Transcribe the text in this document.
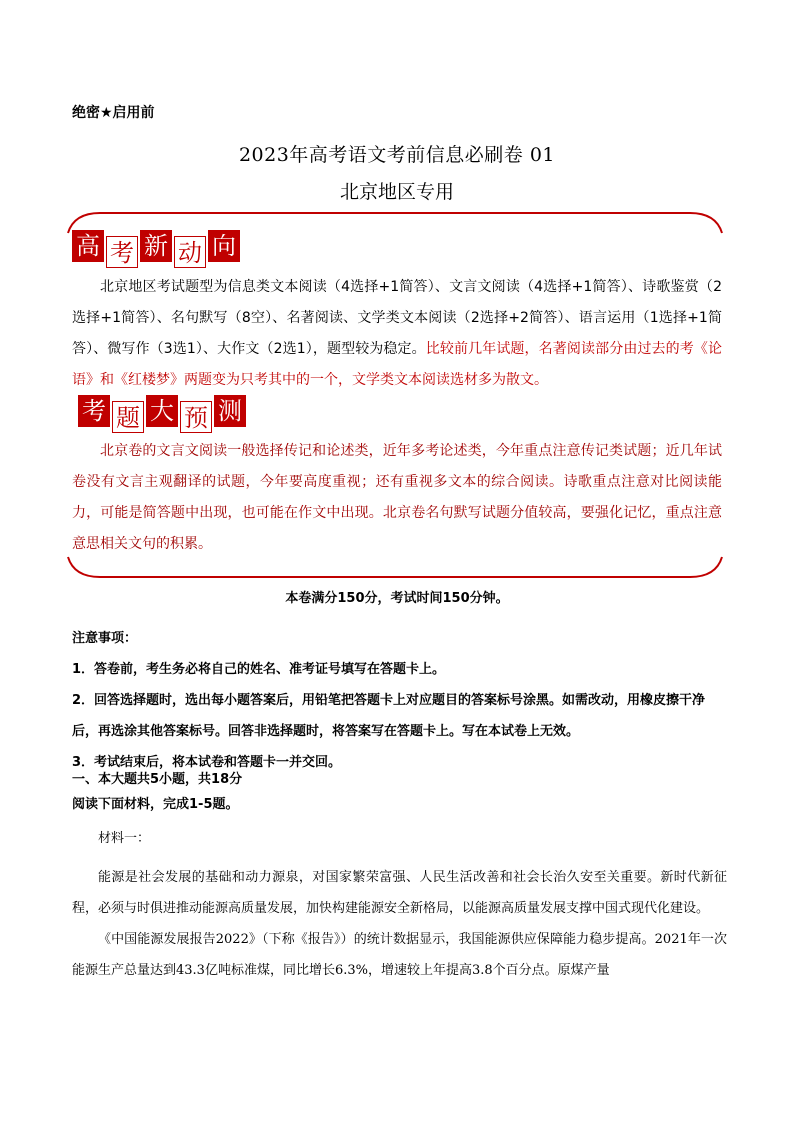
绝密★启用前
2023年高考语文考前信息必刷卷 01
北京地区专用
高 考 新 动 向
北京地区考试题型为信息类文本阅读（4选择+1简答）、文言文阅读（4选择+1简答）、诗歌鉴赏（2选择+1简答）、名句默写（8空）、名著阅读、文学类文本阅读（2选择+2简答）、语言运用（1选择+1简答）、微写作（3选1）、大作文（2选1），题型较为稳定。比较前几年试题，名著阅读部分由过去的考《论语》和《红楼梦》两题变为只考其中的一个，文学类文本阅读选材多为散文。
考 题 大 预 测
北京卷的文言文阅读一般选择传记和论述类，近年多考论述类，今年重点注意传记类试题；近几年试卷没有文言主观翻译的试题，今年要高度重视；还有重视多文本的综合阅读。诗歌重点注意对比阅读能力，可能是简答题中出现，也可能在作文中出现。北京卷名句默写试题分值较高，要强化记忆，重点注意意思相关文句的积累。
本卷满分150分，考试时间150分钟。

注意事项：

1．答卷前，考生务必将自己的姓名、准考证号填写在答题卡上。

2．回答选择题时，选出每小题答案后，用铅笔把答题卡上对应题目的答案标号涂黑。如需改动，用橡皮擦干净后，再选涂其他答案标号。回答非选择题时，将答案写在答题卡上。写在本试卷上无效。

3．考试结束后，将本试卷和答题卡一并交回。

一、本大题共5小题，共18分

阅读下面材料，完成1-5题。

材料一：

能源是社会发展的基础和动力源泉，对国家繁荣富强、人民生活改善和社会长治久安至关重要。新时代新征程，必须与时俱进推动能源高质量发展，加快构建能源安全新格局，以能源高质量发展支撑中国式现代化建设。

《中国能源发展报告2022》（下称《报告》）的统计数据显示，我国能源供应保障能力稳步提高。2021年一次能源生产总量达到43.3亿吨标准煤，同比增长6.3%，增速较上年提高3.8个百分点。原煤产量
